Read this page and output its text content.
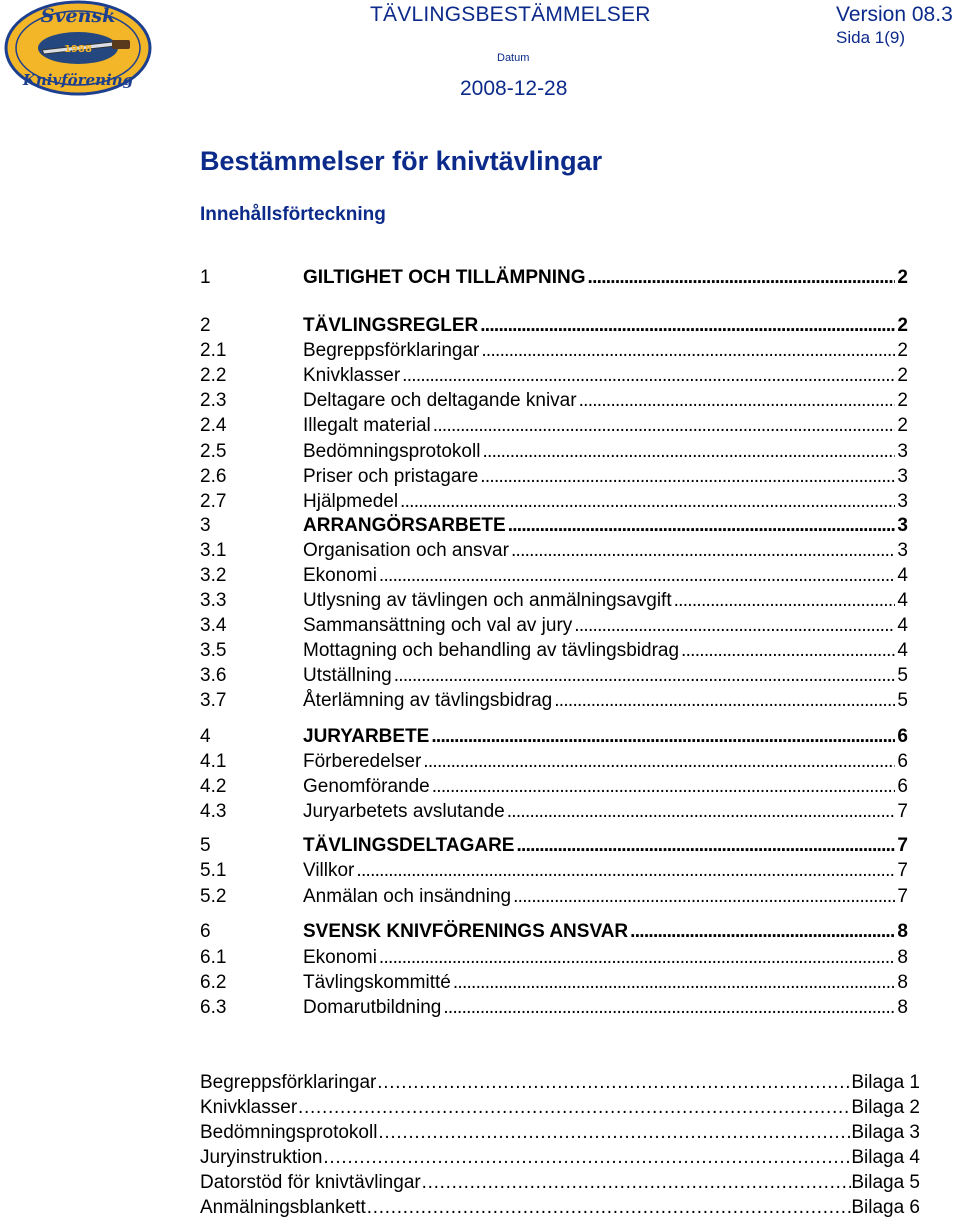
Svensk
1988
Knivförening
TÄVLINGSBESTÄMMELSER	Version 08.3
Sida 1(9)
Datum
2008-12-28
Bestämmelser för knivtävlingar
Innehållsförteckning
1	GILTIGHET OCH TILLÄMPNING . . .	2
2	TÄVLINGSREGLER . . .	2
2.1	Begreppsförklaringar . . .	2
2.2	Knivklasser . . .	2
2.3	Deltagare och deltagande knivar . . .	2
2.4	Illegalt material . . .	2
2.5	Bedömningsprotokoll . . .	3
2.6	Priser och pristagare . . .	3
2.7	Hjälpmedel . . .	3
3	ARRANGÖRSARBETE . . .	3
3.1	Organisation och ansvar . . .	3
3.2	Ekonomi . . .	4
3.3	Utlysning av tävlingen och anmälningsavgift . . .	4
3.4	Sammansättning och val av jury . . .	4
3.5	Mottagning och behandling av tävlingsbidrag . . .	4
3.6	Utställning . . .	5
3.7	Återlämning av tävlingsbidrag . . .	5
4	JURYARBETE . . .	6
4.1	Förberedelser . . .	6
4.2	Genomförande . . .	6
4.3	Juryarbetets avslutande . . .	7
5	TÄVLINGSDELTAGARE . . .	7
5.1	Villkor . . .	7
5.2	Anmälan och insändning . . .	7
6	SVENSK KNIVFÖRENINGS ANSVAR . . .	8
6.1	Ekonomi . . .	8
6.2	Tävlingskommitté . . .	8
6.3	Domarutbildning . . .	8
Begreppsförklaringar ………………………………………………………………………………………………………………………………………………	Bilaga 1
Knivklasser ………………………………………………………………………………………………………………………………………………	Bilaga 2
Bedömningsprotokoll ………………………………………………………………………………………………………………………………………………	Bilaga 3
Juryinstruktion ………………………………………………………………………………………………………………………………………………	Bilaga 4
Datorstöd för knivtävlingar ………………………………………………………………………………………………………………………………………………	Bilaga 5
Anmälningsblankett ………………………………………………………………………………………………………………………………………………	Bilaga 6
